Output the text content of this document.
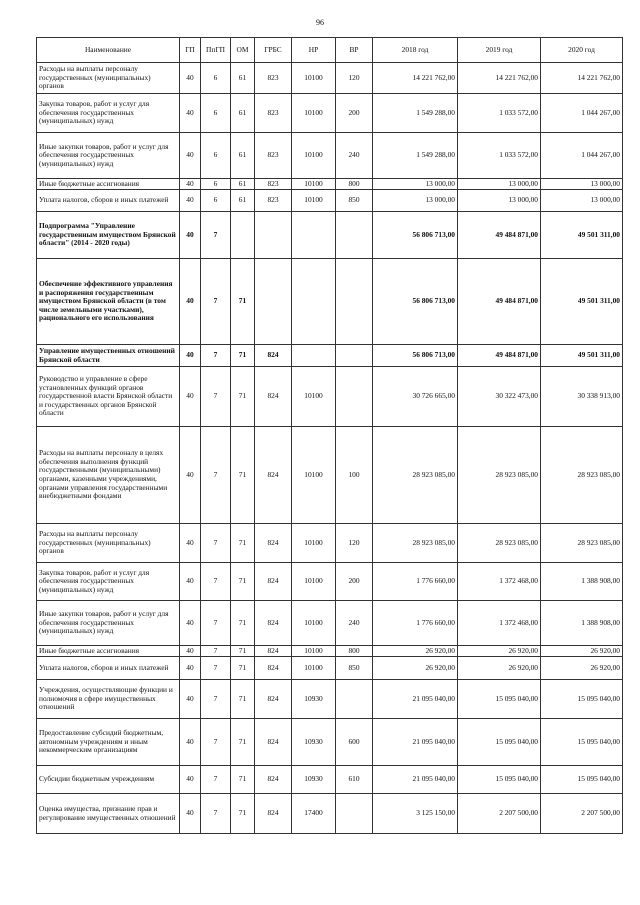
96
Наименование	ГП	ПпГП	ОМ	ГРБС	НР	ВР	2018 год	2019 год	2020 год
Расходы на выплаты персоналу государственных (муниципальных) органов	40	6	61	823	10100	120	14 221 762,00	14 221 762,00	14 221 762,00
Закупка товаров, работ и услуг для обеспечения государственных (муниципальных) нужд	40	6	61	823	10100	200	1 549 288,00	1 033 572,00	1 044 267,00
Иные закупки товаров, работ и услуг для обеспечения государственных (муниципальных) нужд	40	6	61	823	10100	240	1 549 288,00	1 033 572,00	1 044 267,00
Иные бюджетные ассигнования	40	6	61	823	10100	800	13 000,00	13 000,00	13 000,00
Уплата налогов, сборов и иных платежей	40	6	61	823	10100	850	13 000,00	13 000,00	13 000,00
Подпрограмма "Управление государственным имуществом Брянской области" (2014 - 2020 годы)	40	7					56 806 713,00	49 484 871,00	49 501 311,00
Обеспечение эффективного управления и распоряжения государственным имуществом Брянской области (в том числе земельными участками), рационального его использования	40	7	71				56 806 713,00	49 484 871,00	49 501 311,00
Управление имущественных отношений Брянской области	40	7	71	824			56 806 713,00	49 484 871,00	49 501 311,00
Руководство и управление в сфере установленных функций органов государственной власти Брянской области и государственных органов Брянской области	40	7	71	824	10100		30 726 665,00	30 322 473,00	30 338 913,00
Расходы на выплаты персоналу в целях обеспечения выполнения функций государственными (муниципальными) органами, казенными учреждениями, органами управления государственными внебюджетными фондами	40	7	71	824	10100	100	28 923 085,00	28 923 085,00	28 923 085,00
Расходы на выплаты персоналу государственных (муниципальных) органов	40	7	71	824	10100	120	28 923 085,00	28 923 085,00	28 923 085,00
Закупка товаров, работ и услуг для обеспечения государственных (муниципальных) нужд	40	7	71	824	10100	200	1 776 660,00	1 372 468,00	1 388 908,00
Иные закупки товаров, работ и услуг для обеспечения государственных (муниципальных) нужд	40	7	71	824	10100	240	1 776 660,00	1 372 468,00	1 388 908,00
Иные бюджетные ассигнования	40	7	71	824	10100	800	26 920,00	26 920,00	26 920,00
Уплата налогов, сборов и иных платежей	40	7	71	824	10100	850	26 920,00	26 920,00	26 920,00
Учреждения, осуществляющие функции и полномочия в сфере имущественных отношений	40	7	71	824	10930		21 095 040,00	15 095 040,00	15 095 040,00
Предоставление субсидий бюджетным, автономным учреждениям и иным некоммерческим организациям	40	7	71	824	10930	600	21 095 040,00	15 095 040,00	15 095 040,00
Субсидии бюджетным учреждениям	40	7	71	824	10930	610	21 095 040,00	15 095 040,00	15 095 040,00
Оценка имущества, признание прав и регулирование имущественных отношений	40	7	71	824	17400		3 125 150,00	2 207 500,00	2 207 500,00
